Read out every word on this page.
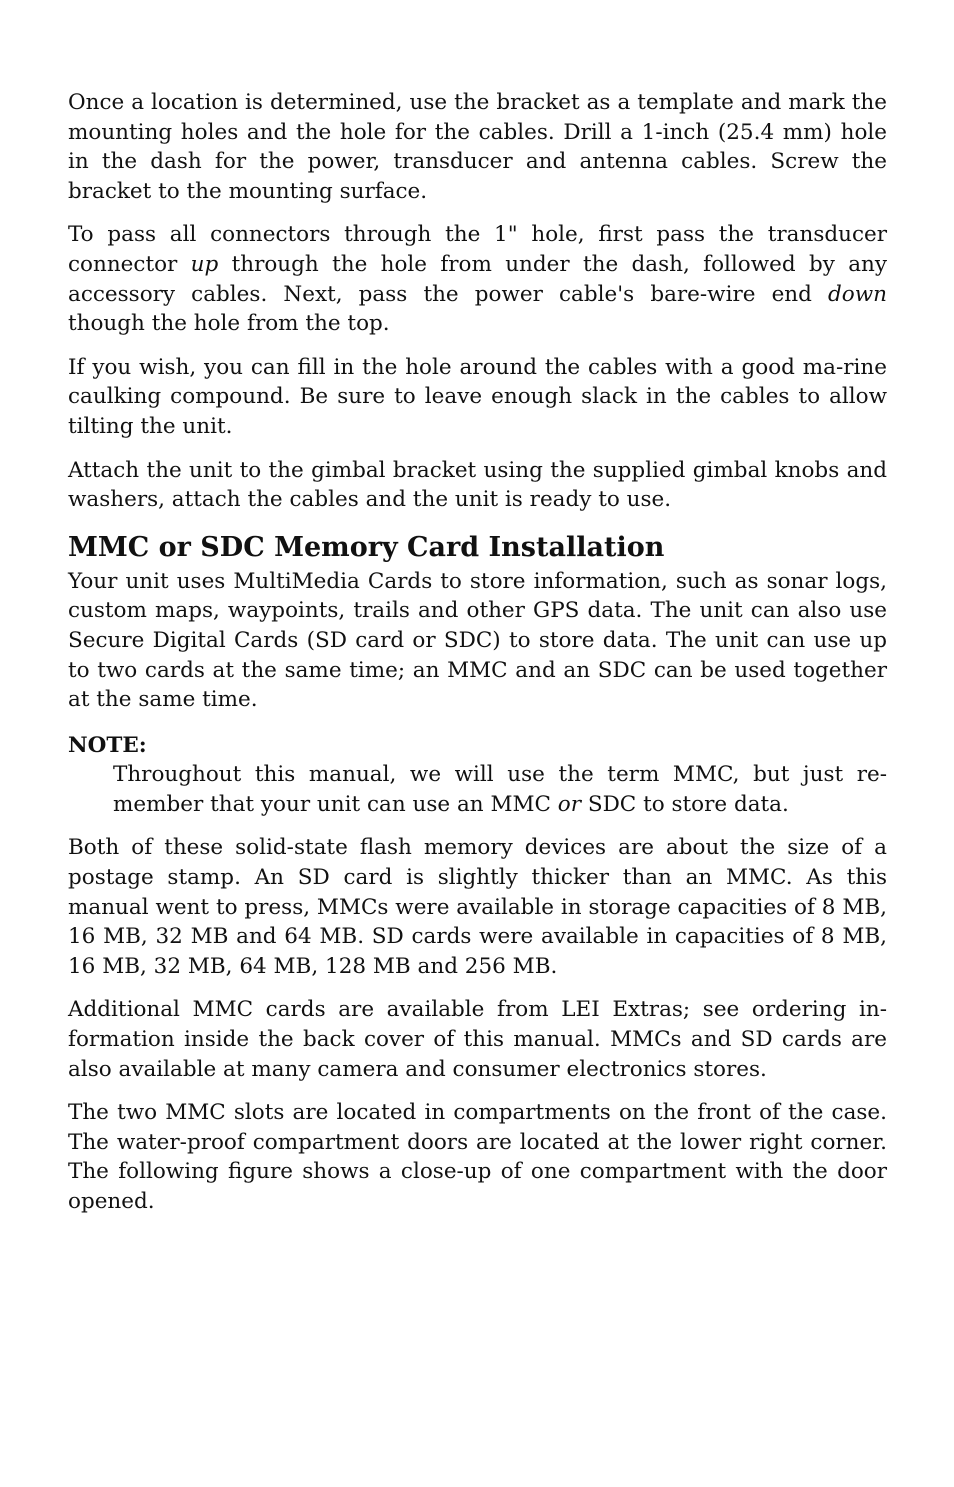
Once a location is determined, use the bracket as a template and mark the mounting holes and the hole for the cables. Drill a 1-inch (25.4 mm) hole in the dash for the power, transducer and antenna cables. Screw the bracket to the mounting surface.

To pass all connectors through the 1" hole, first pass the transducer connector up through the hole from under the dash, followed by any accessory cables. Next, pass the power cable's bare-wire end down though the hole from the top.

If you wish, you can fill in the hole around the cables with a good ma-rine caulking compound. Be sure to leave enough slack in the cables to allow tilting the unit.

Attach the unit to the gimbal bracket using the supplied gimbal knobs and washers, attach the cables and the unit is ready to use.

MMC or SDC Memory Card Installation

Your unit uses MultiMedia Cards to store information, such as sonar logs, custom maps, waypoints, trails and other GPS data. The unit can also use Secure Digital Cards (SD card or SDC) to store data. The unit can use up to two cards at the same time; an MMC and an SDC can be used together at the same time.

NOTE:

Throughout this manual, we will use the term MMC, but just re-member that your unit can use an MMC or SDC to store data.

Both of these solid-state flash memory devices are about the size of a postage stamp. An SD card is slightly thicker than an MMC. As this manual went to press, MMCs were available in storage capacities of 8 MB, 16 MB, 32 MB and 64 MB. SD cards were available in capacities of 8 MB, 16 MB, 32 MB, 64 MB, 128 MB and 256 MB.

Additional MMC cards are available from LEI Extras; see ordering in-formation inside the back cover of this manual. MMCs and SD cards are also available at many camera and consumer electronics stores.

The two MMC slots are located in compartments on the front of the case. The water-proof compartment doors are located at the lower right corner. The following figure shows a close-up of one compartment with the door opened.
